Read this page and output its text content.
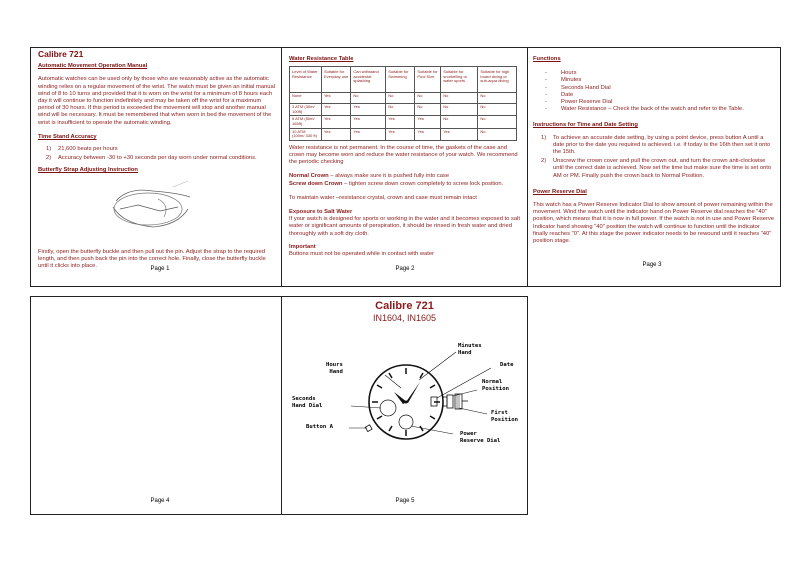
Calibre 721
Automatic Movement Operation Manual
Automatic watches can be used only by those who are reasonably active as the automatic winding relies on a regular movement of the wrist. The watch must be given an initial manual wind of 8 to 10 turns and provided that it is worn on the wrist for a minimum of 8 hours each day it will continue to function indefinitely and may be taken off the wrist for a maximum period of 30 hours. If this period is exceeded the movement will stop and another manual wind will be necessary. It must be remembered that when worn in bed the movement of the wrist is insufficient to operate the automatic winding.
Time Stand Accuracy
1) 21,600 beats per hours
2) Accuracy between -30 to +30 seconds per day worn under normal conditions.
Butterfly Strap Adjusting Instruction
Firstly, open the butterfly buckle and then pull out the pin. Adjust the strap to the required length, and then push back the pin into the correct hole. Finally, close the butterfly buckle until it clicks into place.	Page 1
Water Resistance Table
Level of Water Resistance	Suitable for Everyday use	Can withstand accidental splashing	Suitable for Swimming	Suitable for Pool Size	Suitable for snorkelling or water sports	Suitable for high board diving or sub-aqua diving
None	Yes	No	No	No	No	No
3 ATM (30m/ 100ft)	Yes	Yes	No	No	No	No
5 ATM (50m/ 165ft)	Yes	Yes	Yes	Yes	No	No
10 ATM (100m/ 330 ft)	Yes	Yes	Yes	Yes	Yes	No
Water resistance is not permanent. In the course of time, the gaskets of the case and crown may become worn and reduce the water resistance of your watch. We recommend the periodic checking
Normal Crown – always make sure it is pushed fully into case
Screw down Crown – tighten screw down crown completely to screw lock position.
To maintain water –resistance crystal, crown and case must remain intact
Exposure to Salt Water
If your watch is designed for sports or working in the water and it becomes exposed to salt water or significant amounts of perspiration, it should be rinsed in fresh water and dried thoroughly with a soft dry cloth.
Important
Buttons must not be operated while in contact with water
Page 2
Functions
- Hours
- Minutes
- Seconds Hand Dial
- Date
- Power Reserve Dial
- Water Resistance – Check the back of the watch and refer to the Table.
Instructions for Time and Date Setting
1) To achieve an accurate date setting, by using a point device, press button A until a date prior to the date you required is achieved. i.e. if today is the 16th then set it onto the 15th.
2) Unscrew the crown cover and pull the crown out, and turn the crown anti-clockwise until the correct date is achieved. Now set the time but make sure the time is set onto AM or PM. Finally push the crown back to Normal Position.
Power Reserve Dial
This watch has a Power Reserve Indicator Dial to show amount of power remaining within the movement. Wind the watch until the indicator hand on Power Reserve dial reaches the "40" position, which means that it is now in full power. If the watch is not in use and Power Reserve Indicator hand showing "40" position the watch will continue to function until the indicator finally reaches "0". At this stage the power indicator needs to be rewound until it reaches "40" position stage.
Page 3
Page 4
Calibre 721
IN1604, IN1605
Minutes
Hand
Hours
Hand
Date
Normal
Position
Seconds
Hand Dial
First
Position
Button A
Power
Reserve Dial
Page 5
